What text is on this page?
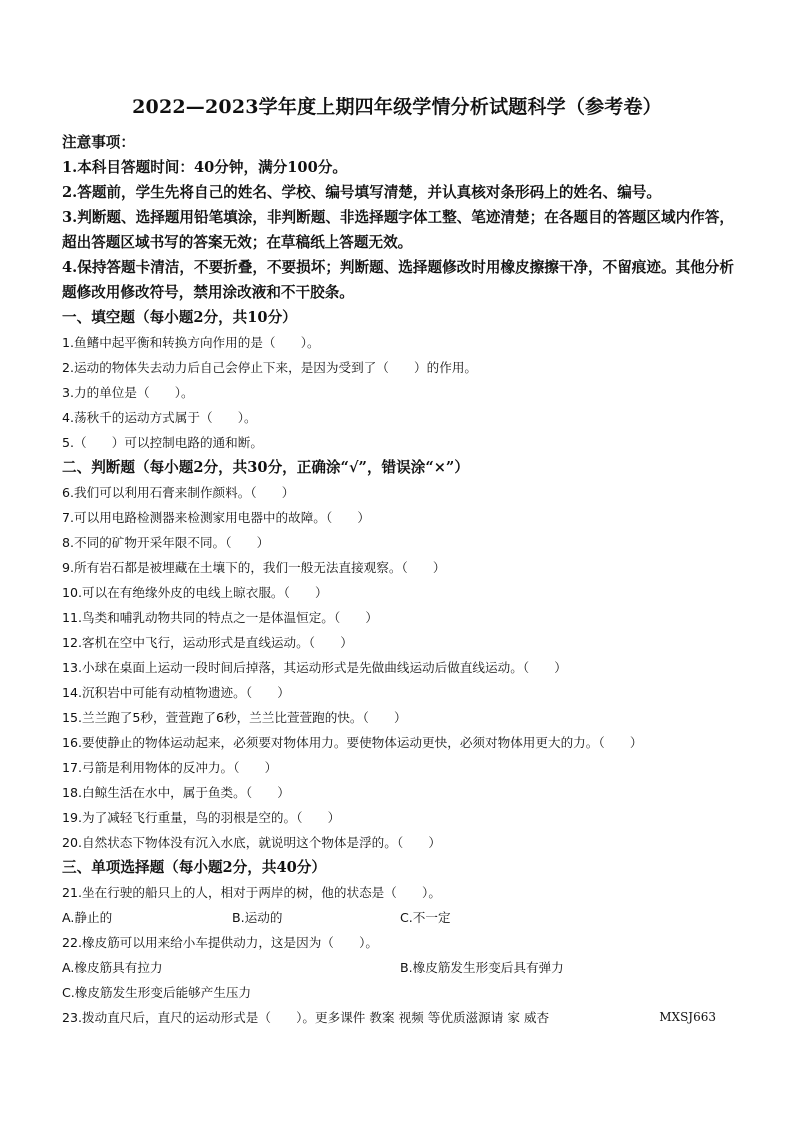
2022—2023学年度上期四年级学情分析试题科学（参考卷）
注意事项：
1.本科目答题时间：40分钟，满分100分。
2.答题前，学生先将自己的姓名、学校、编号填写清楚，并认真核对条形码上的姓名、编号。
3.判断题、选择题用铅笔填涂，非判断题、非选择题字体工整、笔迹清楚；在各题目的答题区域内作答，超出答题区域书写的答案无效；在草稿纸上答题无效。
4.保持答题卡清洁，不要折叠，不要损坏；判断题、选择题修改时用橡皮擦擦干净，不留痕迹。其他分析题修改用修改符号，禁用涂改液和不干胶条。
一、填空题（每小题2分，共10分）
1.鱼鳍中起平衡和转换方向作用的是（　　）。
2.运动的物体失去动力后自己会停止下来，是因为受到了（　　）的作用。
3.力的单位是（　　）。
4.荡秋千的运动方式属于（　　）。
5.（　　）可以控制电路的通和断。
二、判断题（每小题2分，共30分，正确涂“√”，错误涂“×”）
6.我们可以利用石膏来制作颜料。（　　）
7.可以用电路检测器来检测家用电器中的故障。（　　）
8.不同的矿物开采年限不同。（　　）
9.所有岩石都是被埋藏在土壤下的，我们一般无法直接观察。（　　）
10.可以在有绝缘外皮的电线上晾衣服。（　　）
11.鸟类和哺乳动物共同的特点之一是体温恒定。（　　）
12.客机在空中飞行，运动形式是直线运动。（　　）
13.小球在桌面上运动一段时间后掉落，其运动形式是先做曲线运动后做直线运动。（　　）
14.沉积岩中可能有动植物遗迹。（　　）
15.兰兰跑了5秒，萱萱跑了6秒，兰兰比萱萱跑的快。（　　）
16.要使静止的物体运动起来，必须要对物体用力。要使物体运动更快，必须对物体用更大的力。（　　）
17.弓箭是利用物体的反冲力。（　　）
18.白鲸生活在水中，属于鱼类。（　　）
19.为了减轻飞行重量，鸟的羽根是空的。（　　）
20.自然状态下物体没有沉入水底，就说明这个物体是浮的。（　　）
三、单项选择题（每小题2分，共40分）
21.坐在行驶的船只上的人，相对于两岸的树，他的状态是（　　）。
A.静止的	B.运动的	C.不一定
22.橡皮筋可以用来给小车提供动力，这是因为（　　）。
A.橡皮筋具有拉力	B.橡皮筋发生形变后具有弹力
C.橡皮筋发生形变后能够产生压力
23.拨动直尺后，直尺的运动形式是（　　）。更多课件 教案 视频 等优质滋源请 家 威杏	MXSJ663
